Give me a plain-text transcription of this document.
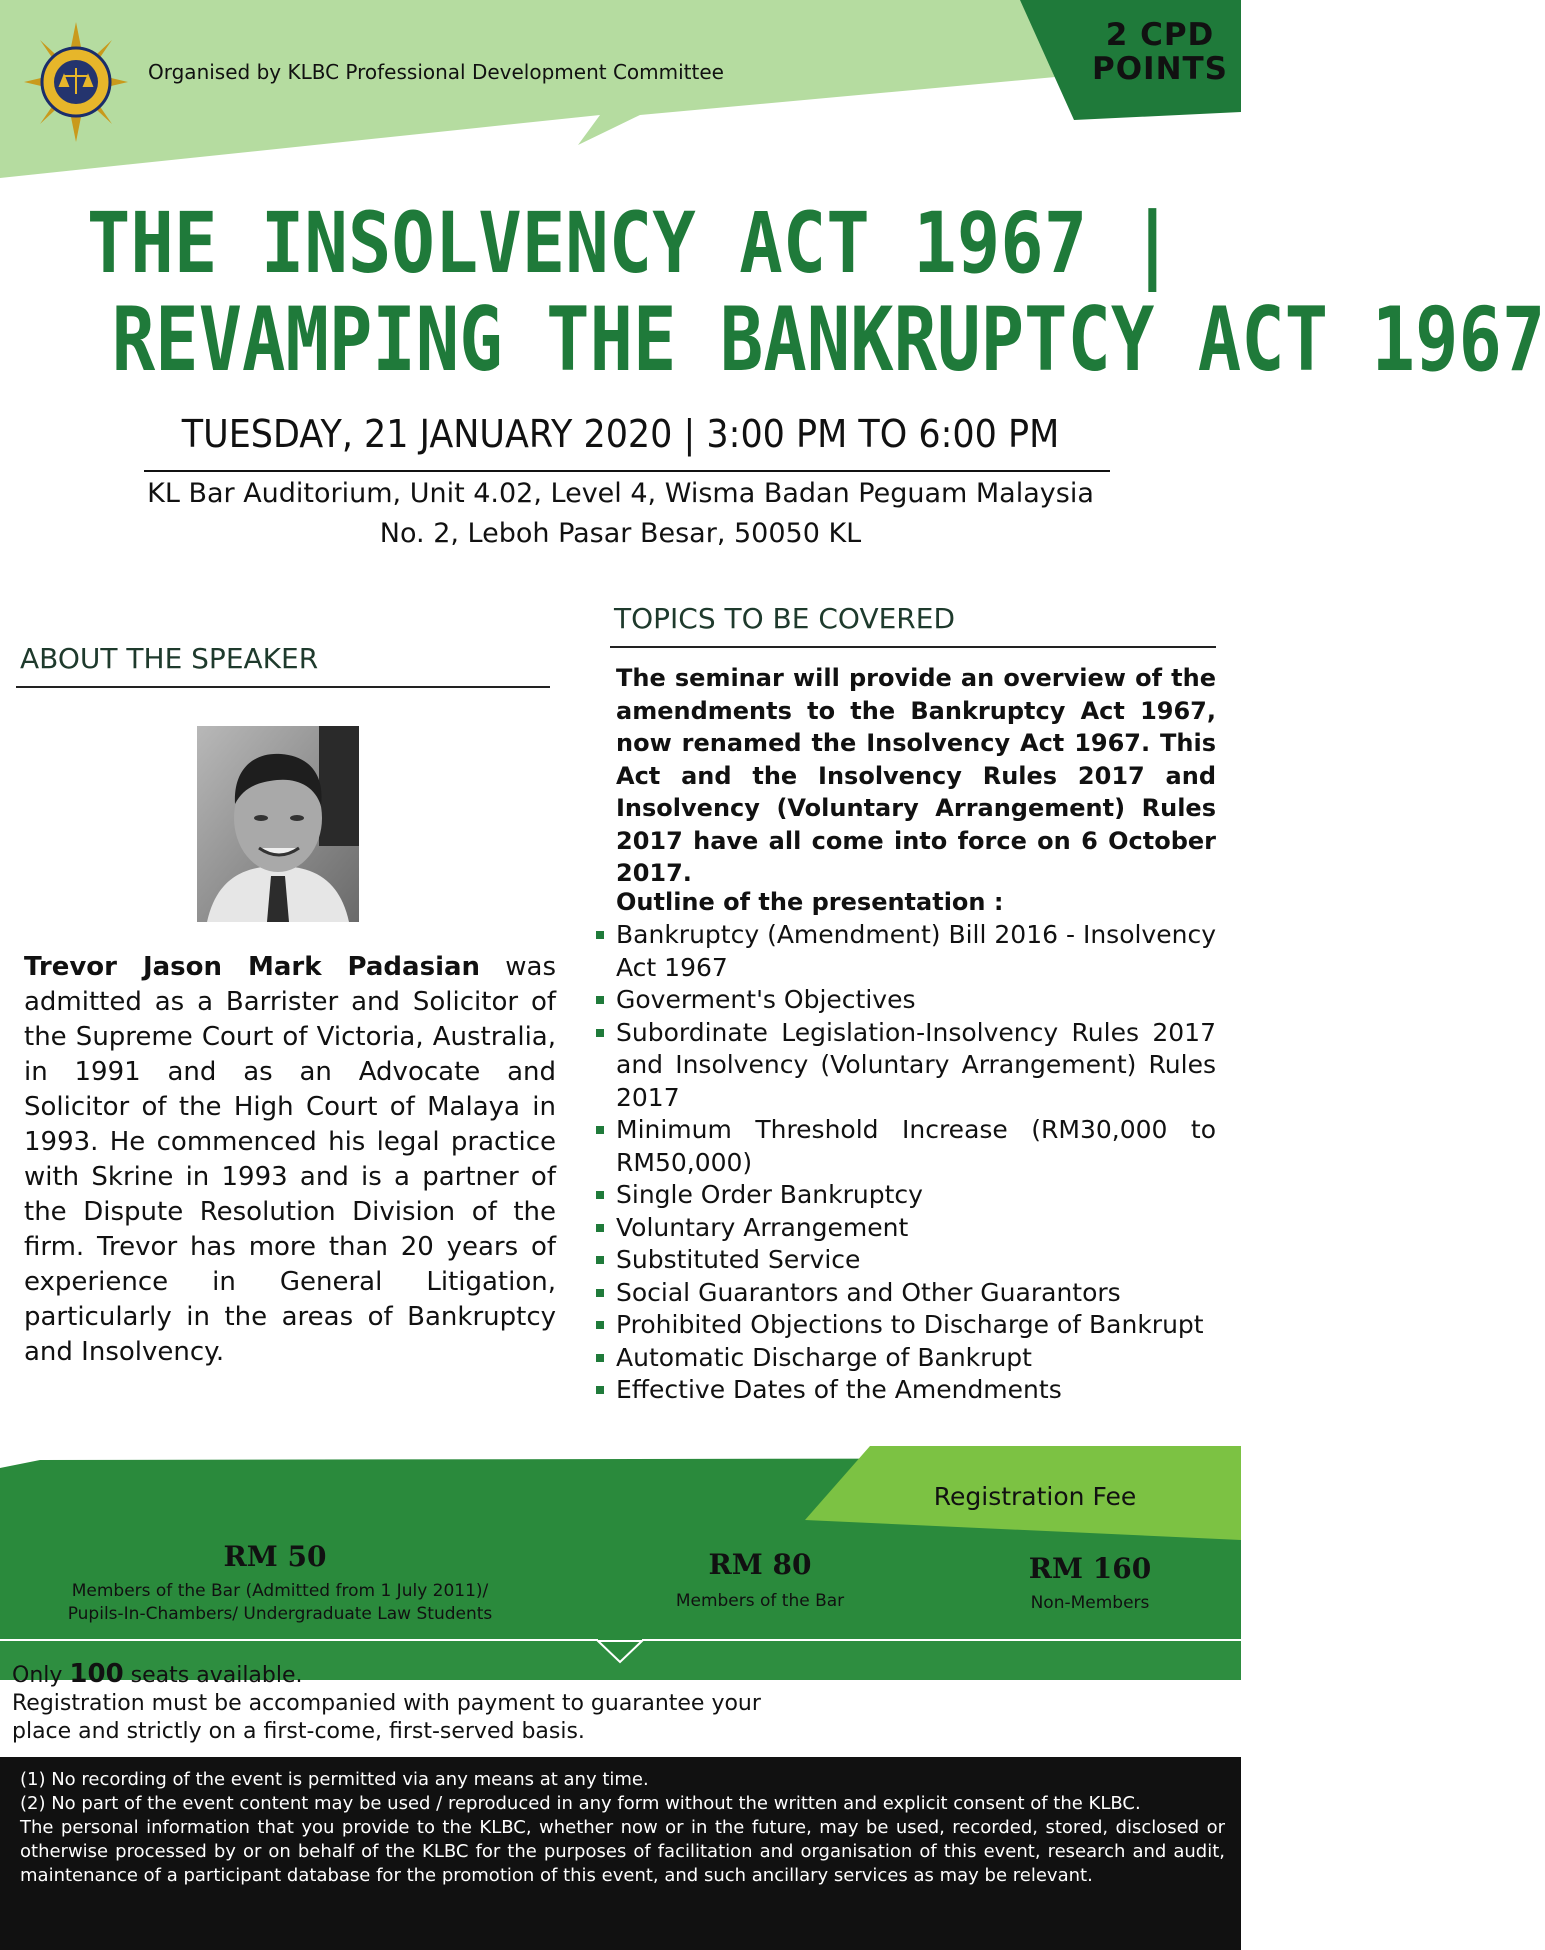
Organised by KLBC Professional Development Committee
2 CPD
POINTS
THE INSOLVENCY ACT 1967 |
REVAMPING THE BANKRUPTCY ACT 1967
TUESDAY, 21 JANUARY 2020 | 3:00 PM TO 6:00 PM
KL Bar Auditorium, Unit 4.02, Level 4, Wisma Badan Peguam Malaysia
No. 2, Leboh Pasar Besar, 50050 KL
ABOUT THE SPEAKER
Trevor Jason Mark Padasian was admitted as a Barrister and Solicitor of the Supreme Court of Victoria, Australia, in 1991 and as an Advocate and Solicitor of the High Court of Malaya in 1993. He commenced his legal practice with Skrine in 1993 and is a partner of the Dispute Resolution Division of the firm. Trevor has more than 20 years of experience in General Litigation, particularly in the areas of Bankruptcy and Insolvency.
TOPICS TO BE COVERED
The seminar will provide an overview of the amendments to the Bankruptcy Act 1967, now renamed the Insolvency Act 1967. This Act and the Insolvency Rules 2017 and Insolvency (Voluntary Arrangement) Rules 2017 have all come into force on 6 October 2017.
Outline of the presentation :
Bankruptcy (Amendment) Bill 2016 - Insolvency Act 1967
Goverment's Objectives
Subordinate Legislation-Insolvency Rules 2017 and Insolvency (Voluntary Arrangement) Rules 2017
Minimum Threshold Increase (RM30,000 to RM50,000)
Single Order Bankruptcy
Voluntary Arrangement
Substituted Service
Social Guarantors and Other Guarantors
Prohibited Objections to Discharge of Bankrupt
Automatic Discharge of Bankrupt
Effective Dates of the Amendments
Registration Fee
RM 50
Members of the Bar (Admitted from 1 July 2011)/
Pupils-In-Chambers/ Undergraduate Law Students
RM 80
Members of the Bar
RM 160
Non-Members
Only 100 seats available.
Registration must be accompanied with payment to guarantee your place and strictly on a first-come, first-served basis.
Register @ www.klbar.org.my
(1) No recording of the event is permitted via any means at any time.
(2) No part of the event content may be used / reproduced in any form without the written and explicit consent of the KLBC.
The personal information that you provide to the KLBC, whether now or in the future, may be used, recorded, stored, disclosed or otherwise processed by or on behalf of the KLBC for the purposes of facilitation and organisation of this event, research and audit, maintenance of a participant database for the promotion of this event, and such ancillary services as may be relevant.
